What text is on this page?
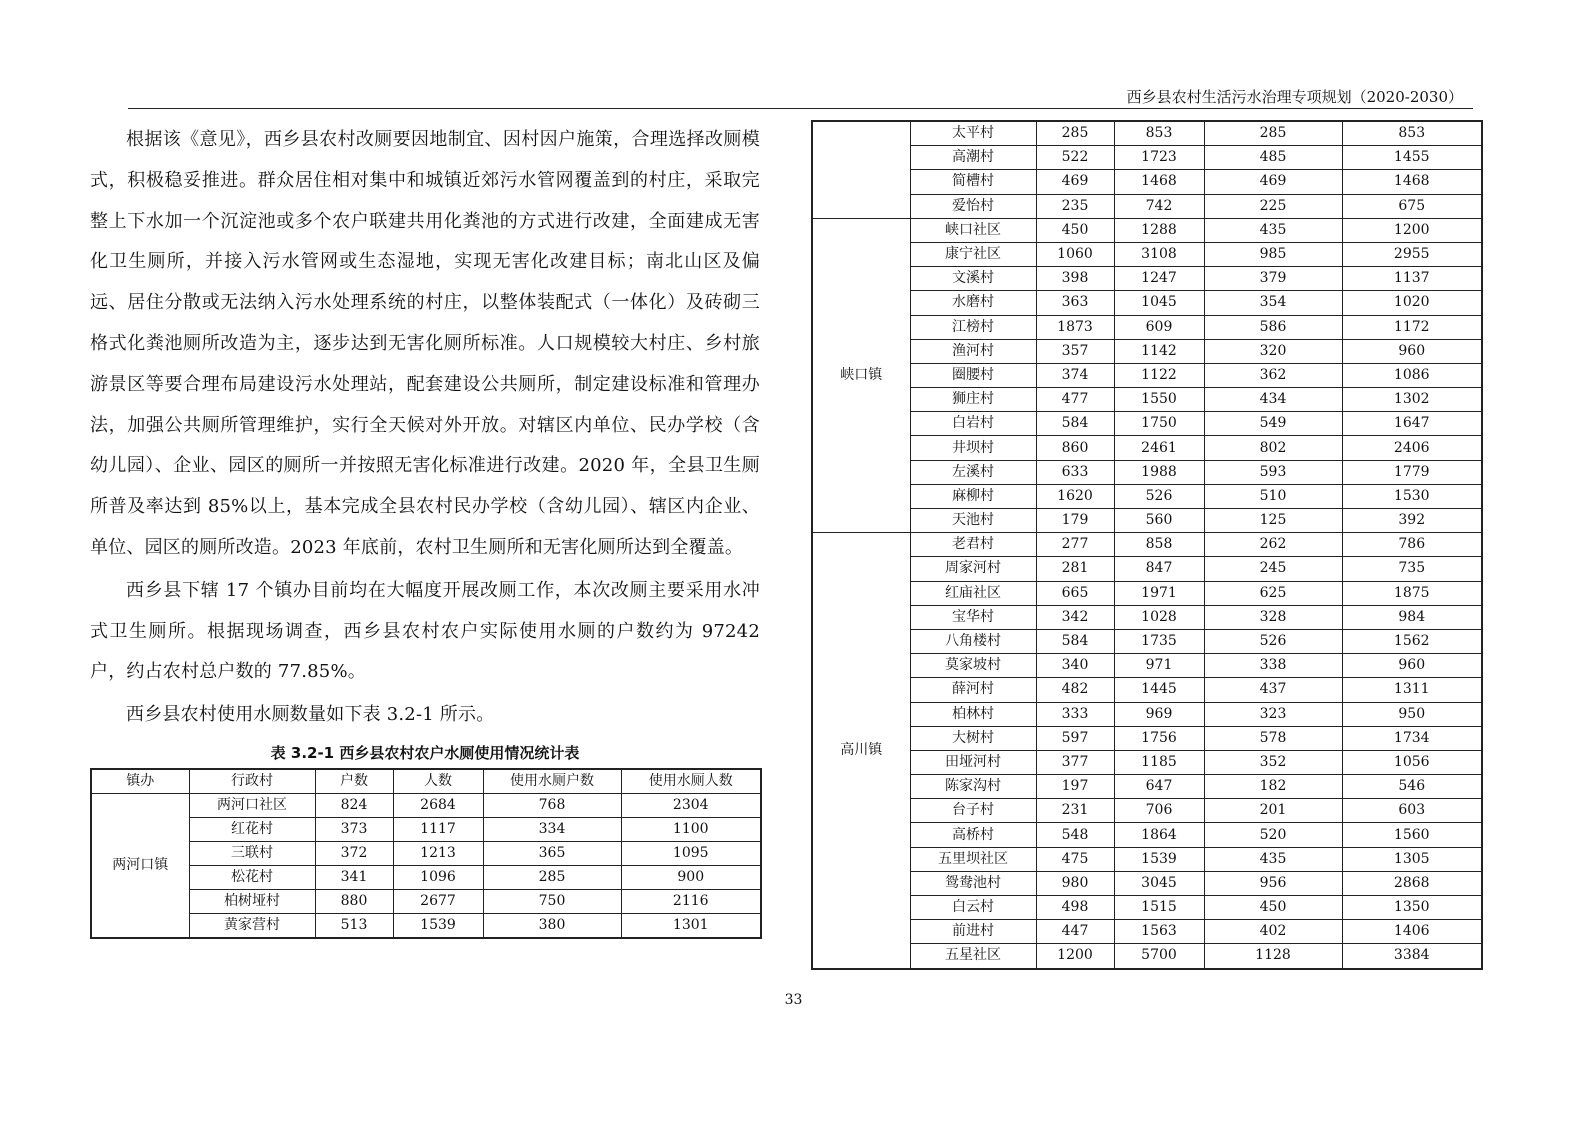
西乡县农村生活污水治理专项规划（2020-2030）

根据该《意见》，西乡县农村改厕要因地制宜、因村因户施策，合理选择改厕模式，积极稳妥推进。群众居住相对集中和城镇近郊污水管网覆盖到的村庄，采取完整上下水加一个沉淀池或多个农户联建共用化粪池的方式进行改建，全面建成无害化卫生厕所，并接入污水管网或生态湿地，实现无害化改建目标；南北山区及偏远、居住分散或无法纳入污水处理系统的村庄，以整体装配式（一体化）及砖砌三格式化粪池厕所改造为主，逐步达到无害化厕所标准。人口规模较大村庄、乡村旅游景区等要合理布局建设污水处理站，配套建设公共厕所，制定建设标准和管理办法，加强公共厕所管理维护，实行全天候对外开放。对辖区内单位、民办学校（含幼儿园）、企业、园区的厕所一并按照无害化标准进行改建。2020 年，全县卫生厕所普及率达到 85%以上，基本完成全县农村民办学校（含幼儿园）、辖区内企业、单位、园区的厕所改造。2023 年底前，农村卫生厕所和无害化厕所达到全覆盖。

西乡县下辖 17 个镇办目前均在大幅度开展改厕工作，本次改厕主要采用水冲式卫生厕所。根据现场调查，西乡县农村农户实际使用水厕的户数约为 97242 户，约占农村总户数的 77.85%。

西乡县农村使用水厕数量如下表 3.2-1 所示。

表 3.2-1 西乡县农村农户水厕使用情况统计表
镇办	行政村	户数	人数	使用水厕户数	使用水厕人数
两河口镇	两河口社区	824	2684	768	2304
	红花村	373	1117	334	1100
	三联村	372	1213	365	1095
	松花村	341	1096	285	900
	柏树垭村	880	2677	750	2116
	黄家营村	513	1539	380	1301
	太平村	285	853	285	853
	高潮村	522	1723	485	1455
	简槽村	469	1468	469	1468
	爱怡村	235	742	225	675
峡口镇	峡口社区	450	1288	435	1200
	康宁社区	1060	3108	985	2955
	文溪村	398	1247	379	1137
	水磨村	363	1045	354	1020
	江榜村	1873	609	586	1172
	渔河村	357	1142	320	960
	圈腰村	374	1122	362	1086
	狮庄村	477	1550	434	1302
	白岩村	584	1750	549	1647
	井坝村	860	2461	802	2406
	左溪村	633	1988	593	1779
	麻柳村	1620	526	510	1530
	天池村	179	560	125	392
高川镇	老君村	277	858	262	786
	周家河村	281	847	245	735
	红庙社区	665	1971	625	1875
	宝华村	342	1028	328	984
	八角楼村	584	1735	526	1562
	莫家坡村	340	971	338	960
	薛河村	482	1445	437	1311
	柏林村	333	969	323	950
	大树村	597	1756	578	1734
	田垭河村	377	1185	352	1056
	陈家沟村	197	647	182	546
	台子村	231	706	201	603
	高桥村	548	1864	520	1560
	五里坝社区	475	1539	435	1305
	鸳鸯池村	980	3045	956	2868
	白云村	498	1515	450	1350
	前进村	447	1563	402	1406
	五星社区	1200	5700	1128	3384
33
